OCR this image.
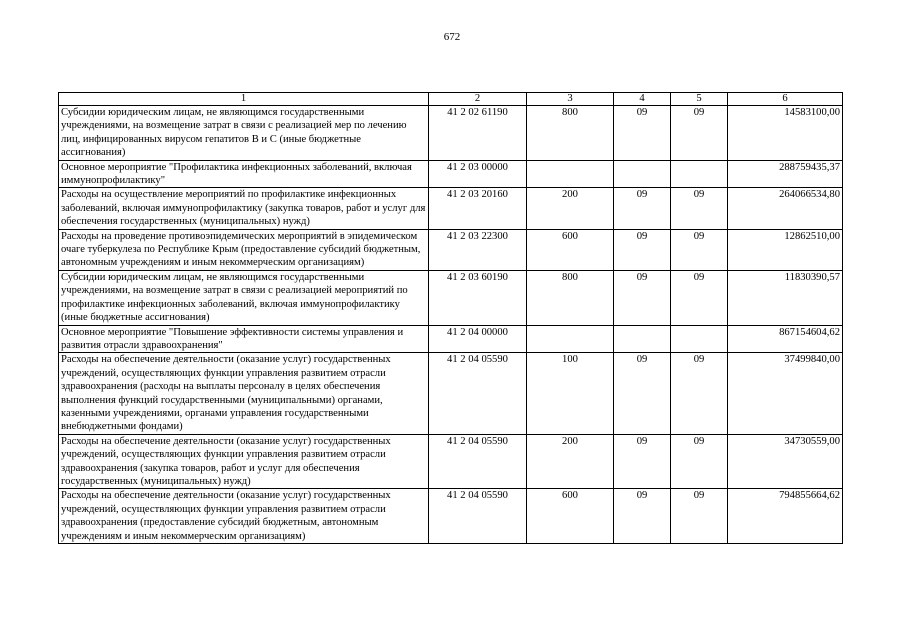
672
1	2	3	4	5	6
Субсидии юридическим лицам, не являющимся государственными учреждениями, на возмещение затрат в связи с реализацией мер по лечению лиц, инфицированных вирусом гепатитов В и С (иные бюджетные ассигнования)	41 2 02 61190	800	09	09	14583100,00
Основное мероприятие "Профилактика инфекционных заболеваний, включая иммунопрофилактику"	41 2 03 00000				288759435,37
Расходы на осуществление мероприятий по профилактике инфекционных заболеваний, включая иммунопрофилактику (закупка товаров, работ и услуг для обеспечения государственных (муниципальных) нужд)	41 2 03 20160	200	09	09	264066534,80
Расходы на проведение противоэпидемических мероприятий в эпидемическом очаге туберкулеза по Республике Крым (предоставление субсидий бюджетным, автономным учреждениям и иным некоммерческим организациям)	41 2 03 22300	600	09	09	12862510,00
Субсидии юридическим лицам, не являющимся государственными учреждениями, на возмещение затрат в связи с реализацией мероприятий по профилактике инфекционных заболеваний, включая иммунопрофилактику (иные бюджетные ассигнования)	41 2 03 60190	800	09	09	11830390,57
Основное мероприятие "Повышение эффективности системы управления и развития отрасли здравоохранения"	41 2 04 00000				867154604,62
Расходы на обеспечение деятельности (оказание услуг) государственных учреждений, осуществляющих функции управления развитием отрасли здравоохранения (расходы на выплаты персоналу в целях обеспечения выполнения функций государственными (муниципальными) органами, казенными учреждениями, органами управления государственными внебюджетными фондами)	41 2 04 05590	100	09	09	37499840,00
Расходы на обеспечение деятельности (оказание услуг) государственных учреждений, осуществляющих функции управления развитием отрасли здравоохранения (закупка товаров, работ и услуг для обеспечения государственных (муниципальных) нужд)	41 2 04 05590	200	09	09	34730559,00
Расходы на обеспечение деятельности (оказание услуг) государственных учреждений, осуществляющих функции управления развитием отрасли здравоохранения (предоставление субсидий бюджетным, автономным учреждениям и иным некоммерческим организациям)	41 2 04 05590	600	09	09	794855664,62
